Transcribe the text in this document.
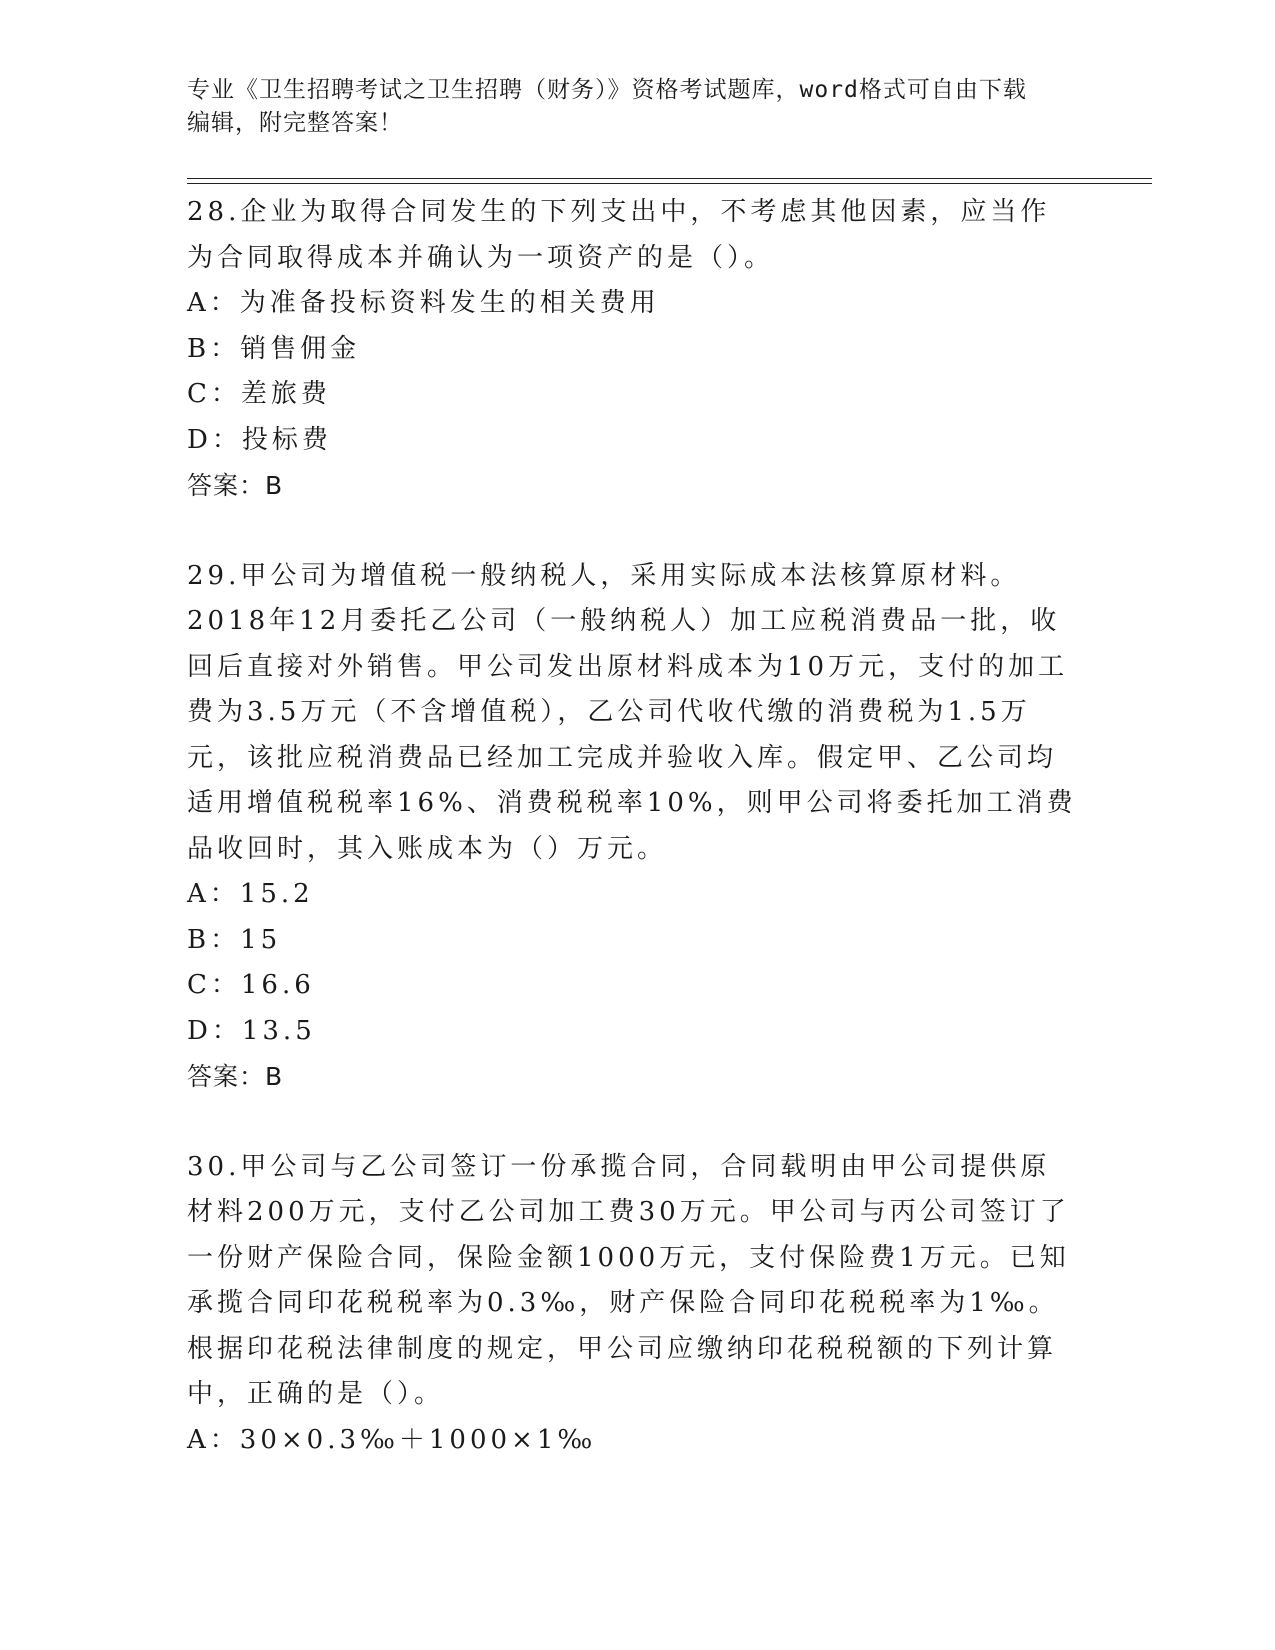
专业《卫生招聘考试之卫生招聘（财务）》资格考试题库，word格式可自由下载
编辑，附完整答案！

28.企业为取得合同发生的下列支出中，不考虑其他因素，应当作为合同取得成本并确认为一项资产的是（）。

A：为准备投标资料发生的相关费用

B：销售佣金

C：差旅费

D：投标费

答案：B

29.甲公司为增值税一般纳税人，采用实际成本法核算原材料。2018年12月委托乙公司（一般纳税人）加工应税消费品一批，收回后直接对外销售。甲公司发出原材料成本为10万元，支付的加工费为3.5万元（不含增值税），乙公司代收代缴的消费税为1.5万元，该批应税消费品已经加工完成并验收入库。假定甲、乙公司均适用增值税税率16%、消费税税率10%，则甲公司将委托加工消费品收回时，其入账成本为（）万元。

A：15.2

B：15

C：16.6

D：13.5

答案：B

30.甲公司与乙公司签订一份承揽合同，合同载明由甲公司提供原材料200万元，支付乙公司加工费30万元。甲公司与丙公司签订了一份财产保险合同，保险金额1000万元，支付保险费1万元。已知承揽合同印花税税率为0.3‰，财产保险合同印花税税率为1‰。根据印花税法律制度的规定，甲公司应缴纳印花税税额的下列计算中，正确的是（）。

A：30×0.3‰＋1000×1‰
